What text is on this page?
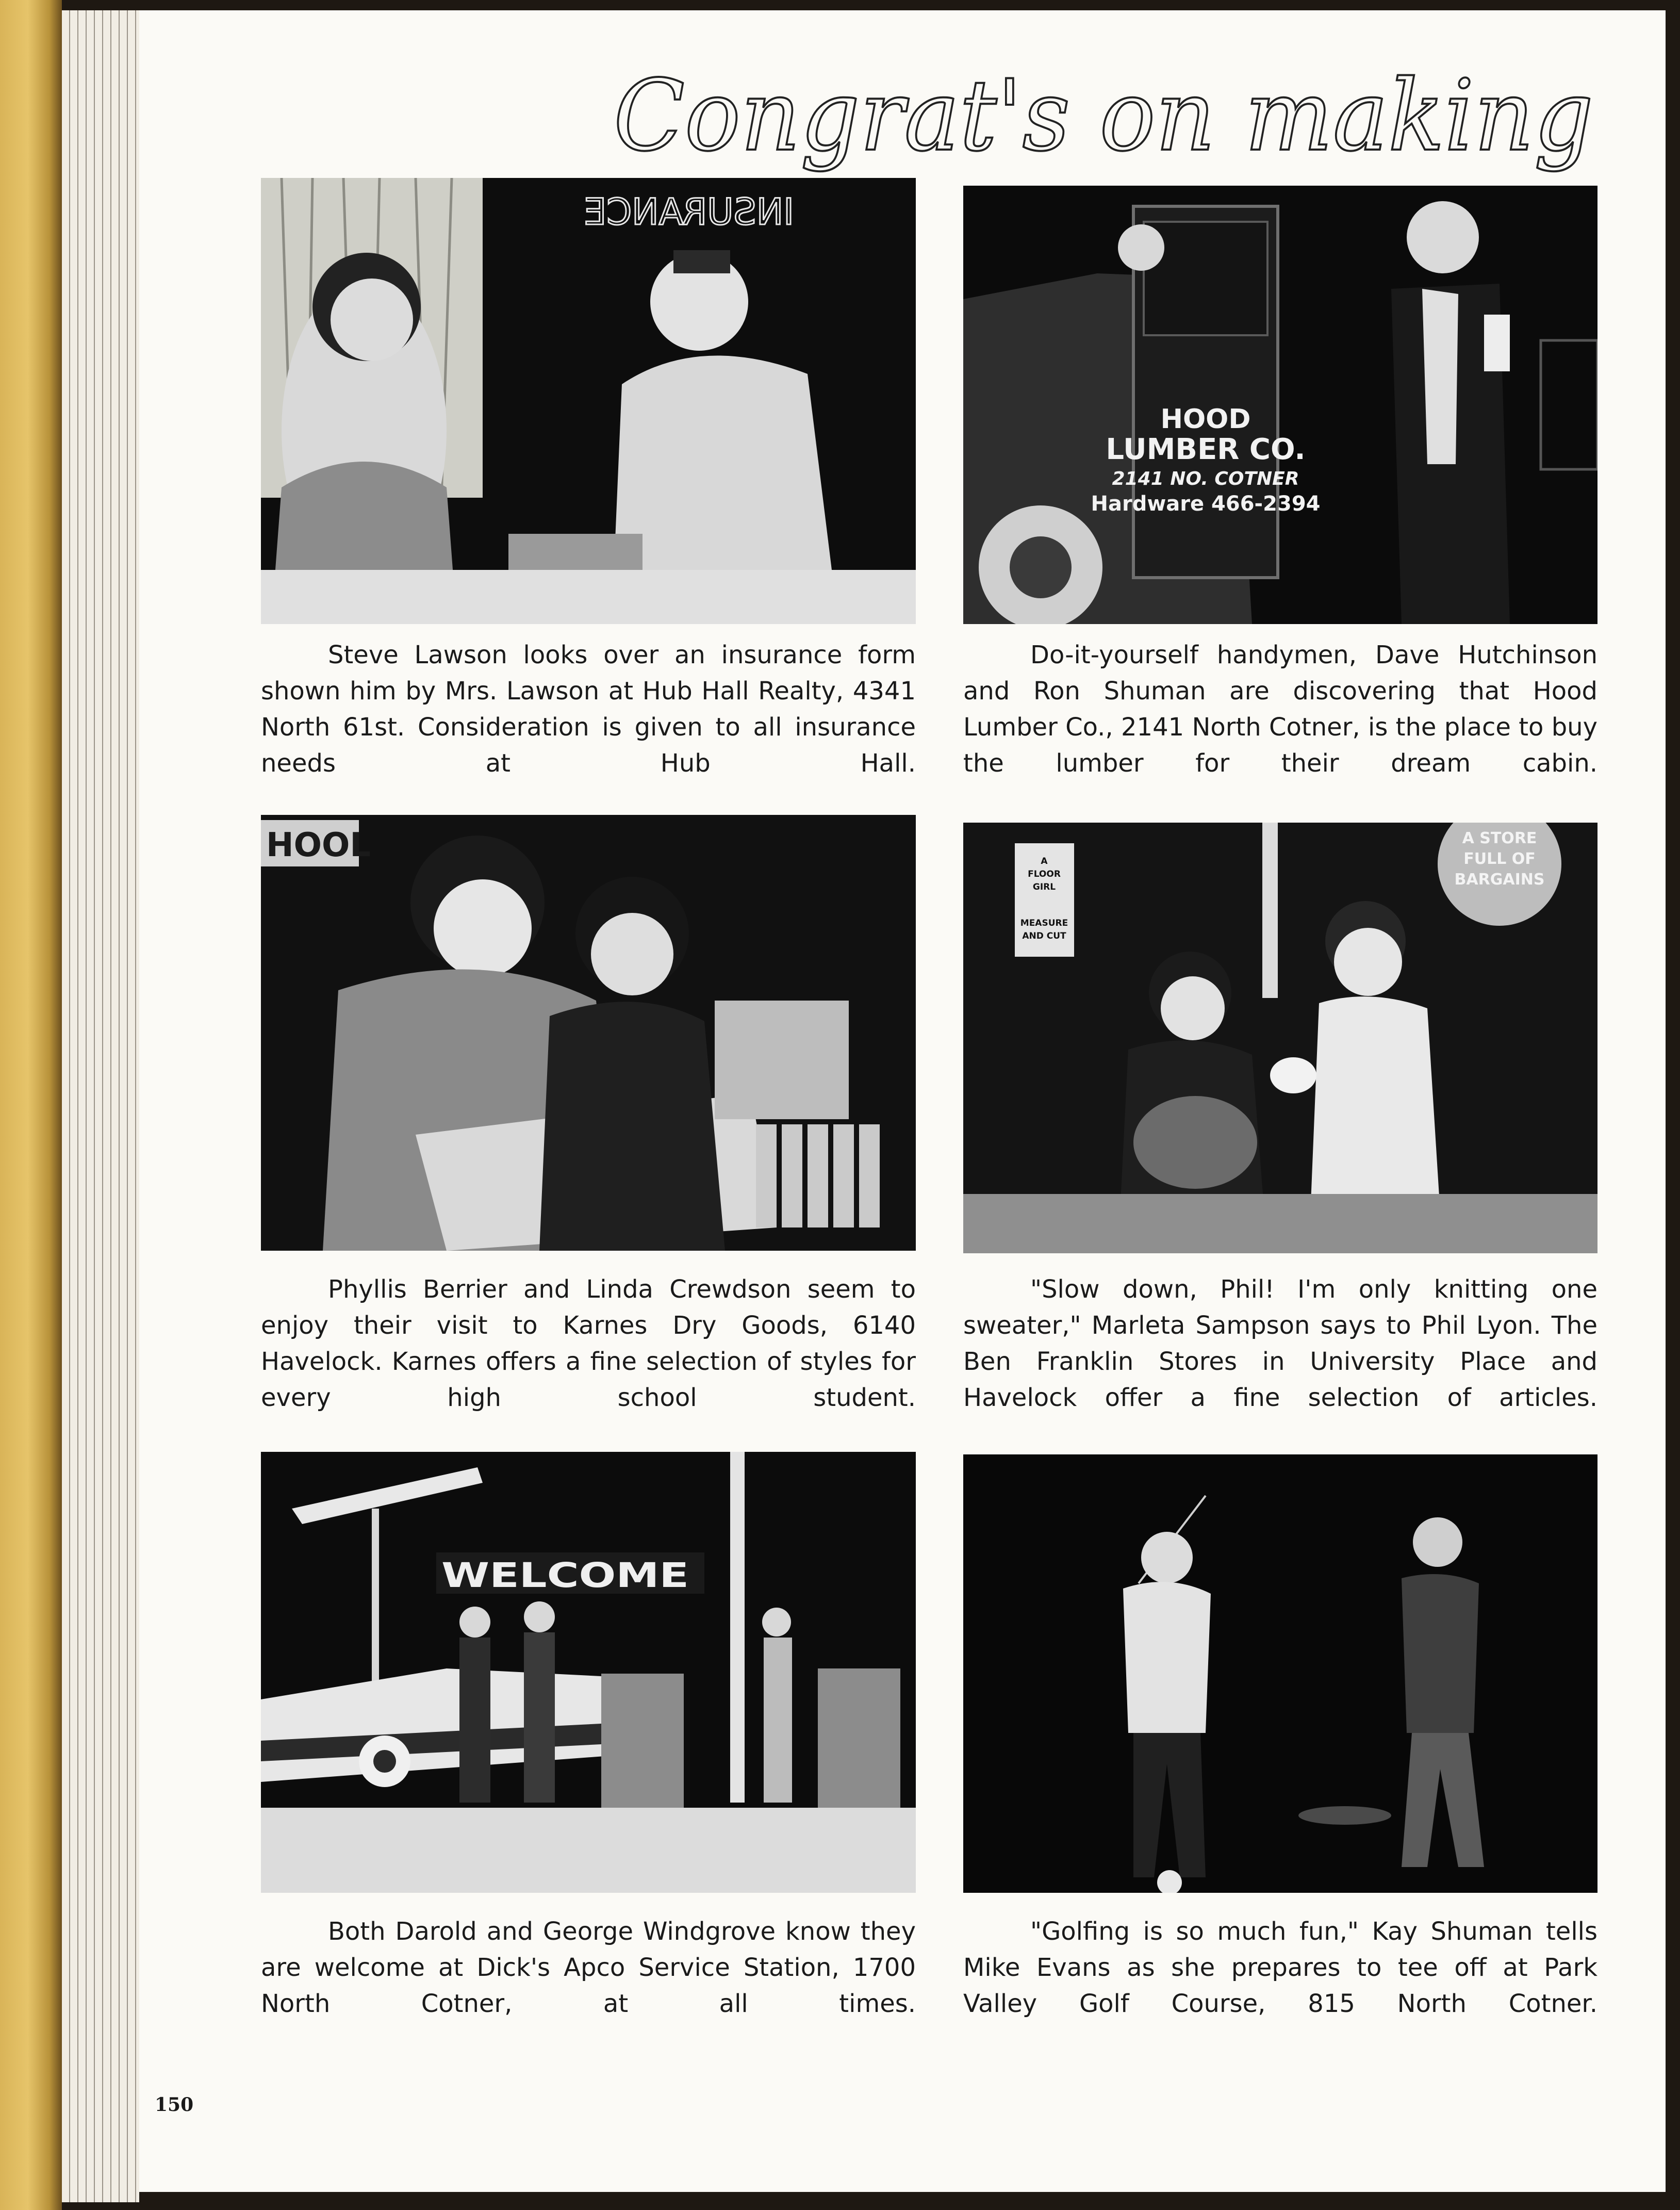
Congrat's on making
INSURANCE
Steve Lawson looks over an insurance form shown him by Mrs. Lawson at Hub Hall Realty, 4341 North 61st. Consideration is given to all insurance needs at Hub Hall.
HOOD
LUMBER CO.
2141 NO. COTNER
Hardware 466-2394
Do-it-yourself handymen, Dave Hutchinson and Ron Shuman are discovering that Hood Lumber Co., 2141 North Cotner, is the place to buy the lumber for their dream cabin.
HOOL
Phyllis Berrier and Linda Crewdson seem to enjoy their visit to Karnes Dry Goods, 6140 Havelock. Karnes offers a fine selection of styles for every high school student.
A
FLOOR
GIRL
MEASURE
AND CUT
A STORE
FULL OF
BARGAINS
"Slow down, Phil! I'm only knitting one sweater," Marleta Sampson says to Phil Lyon. The Ben Franklin Stores in University Place and Havelock offer a fine selection of articles.
WELCOME
Both Darold and George Windgrove know they are welcome at Dick's Apco Service Station, 1700 North Cotner, at all times.
"Golfing is so much fun," Kay Shuman tells Mike Evans as she prepares to tee off at Park Valley Golf Course, 815 North Cotner.
150
